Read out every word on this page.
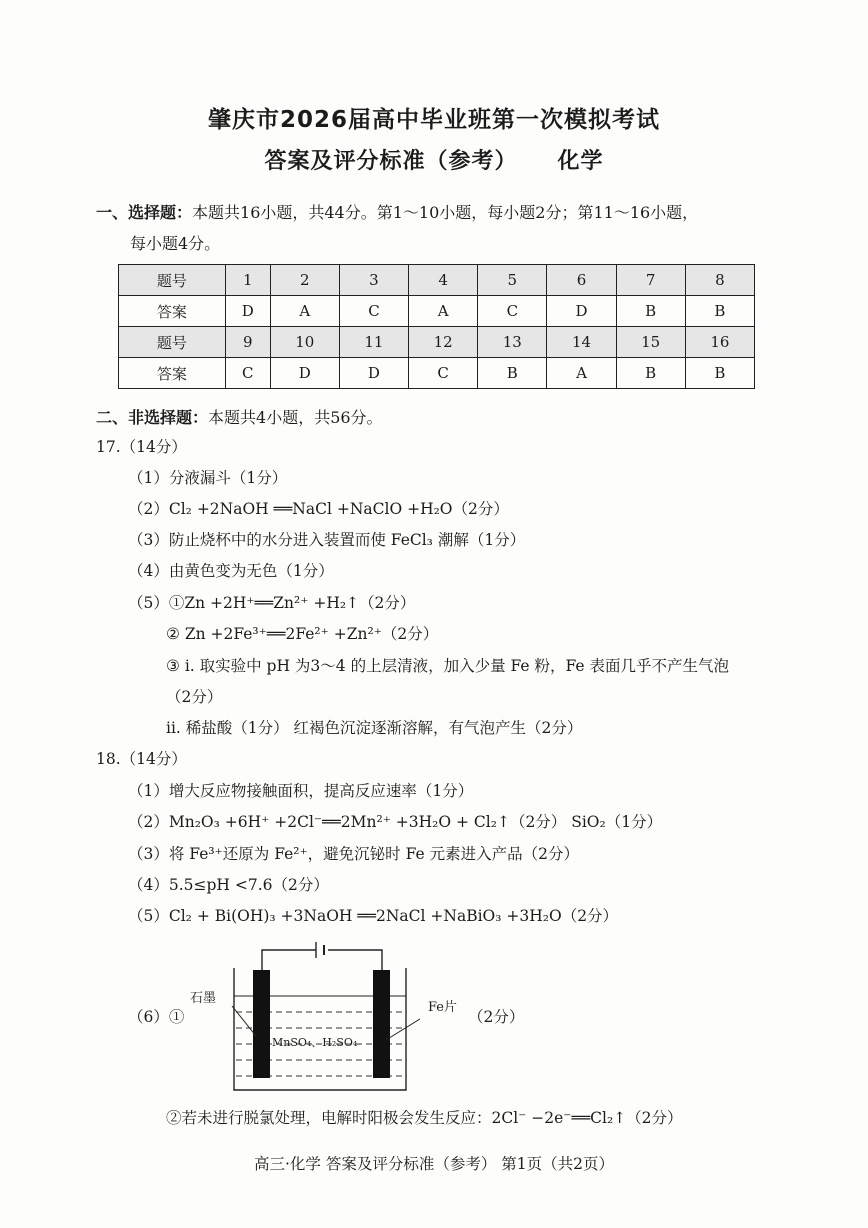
肇庆市2026届高中毕业班第一次模拟考试
答案及评分标准（参考） 化学
一、选择题：本题共16小题，共44分。第1～10小题，每小题2分；第11～16小题，
每小题4分。
题号	1	2	3	4	5	6	7	8
答案	D	A	C	A	C	D	B	B
题号	9	10	11	12	13	14	15	16
答案	C	D	D	C	B	A	B	B
二、非选择题：本题共4小题，共56分。
17.（14分）
（1）分液漏斗（1分）
（2）Cl₂ +2NaOH ══NaCl +NaClO +H₂O（2分）
（3）防止烧杯中的水分进入装置而使 FeCl₃ 潮解（1分）
（4）由黄色变为无色（1分）
（5）①Zn +2H⁺══Zn²⁺ +H₂↑（2分）
② Zn +2Fe³⁺══2Fe²⁺ +Zn²⁺（2分）
③ i. 取实验中 pH 为3～4 的上层清液，加入少量 Fe 粉，Fe 表面几乎不产生气泡
（2分）
ii. 稀盐酸（1分） 红褐色沉淀逐渐溶解，有气泡产生（2分）
18.（14分）
（1）增大反应物接触面积，提高反应速率（1分）
（2）Mn₂O₃ +6H⁺ +2Cl⁻══2Mn²⁺ +3H₂O + Cl₂↑（2分） SiO₂（1分）
（3）将 Fe³⁺还原为 Fe²⁺，避免沉铋时 Fe 元素进入产品（2分）
（4）5.5≤pH <7.6（2分）
（5）Cl₂ + Bi(OH)₃ +3NaOH ══2NaCl +NaBiO₃ +3H₂O（2分）
（6）①	（2分）
石墨
MnSO₄、H₂SO₄
Fe片
②若未进行脱氯处理，电解时阳极会发生反应：2Cl⁻ −2e⁻══Cl₂↑（2分）
高三·化学 答案及评分标准（参考） 第1页（共2页）
